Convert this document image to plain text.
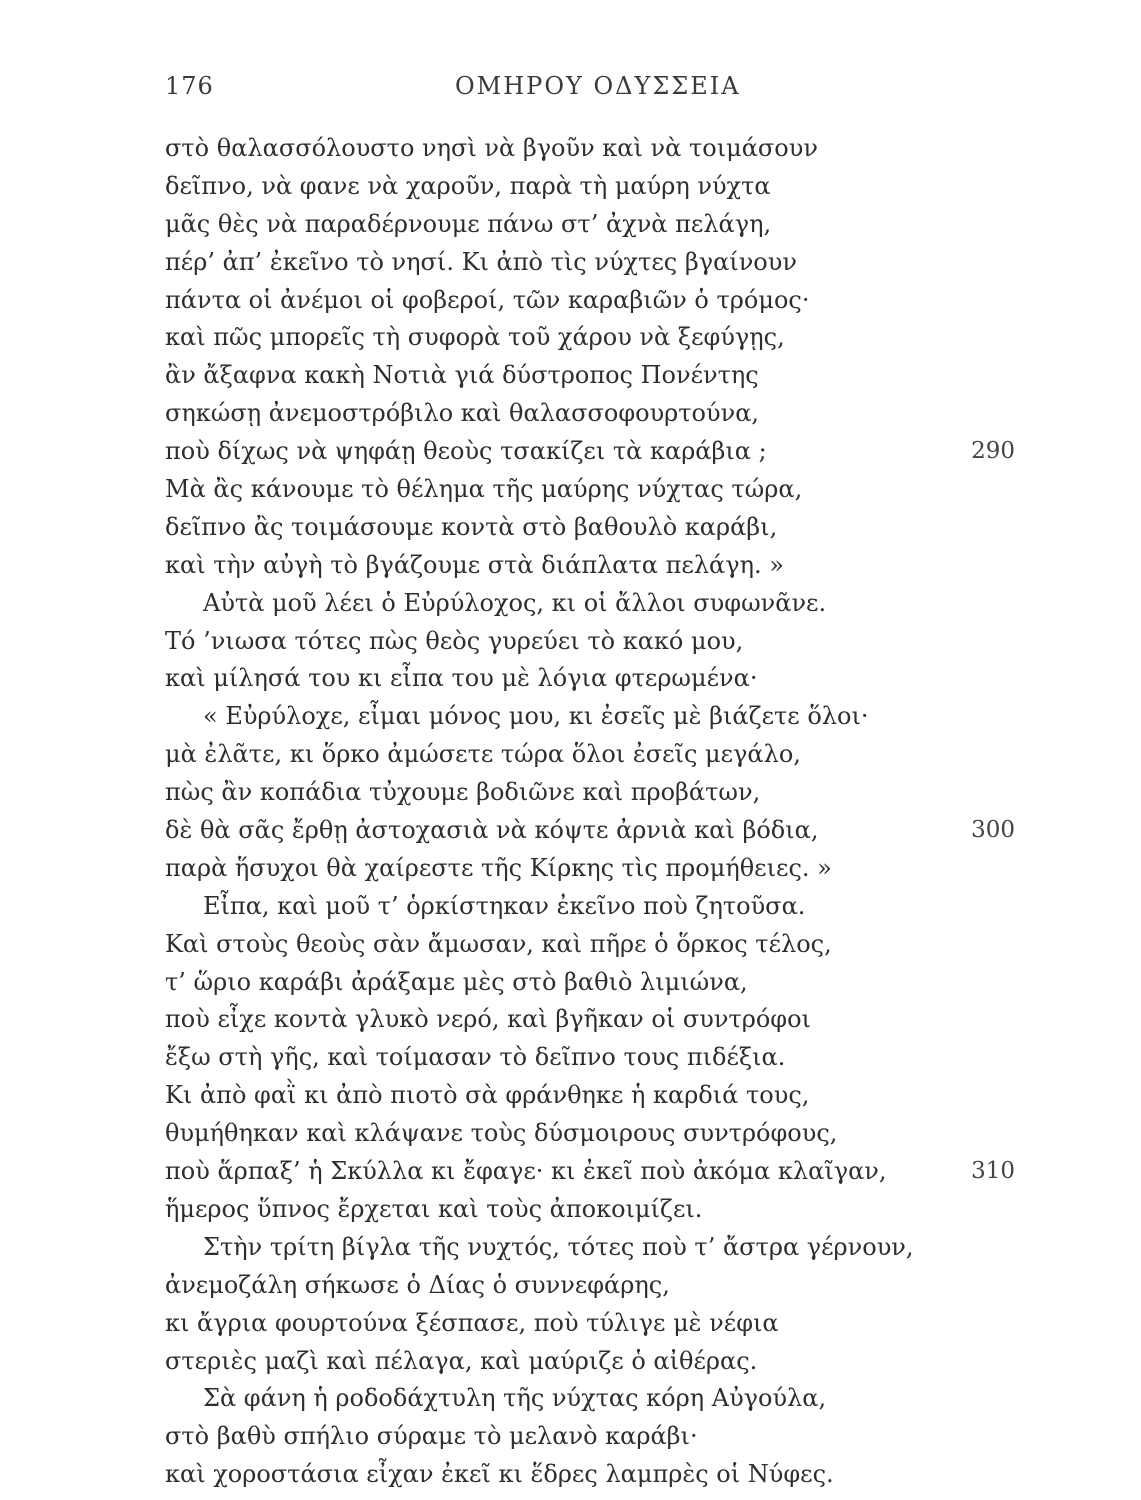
176	ΟΜΗΡΟΥ ΟΔΥΣΣΕΙΑ
στὸ θαλασσόλουστο νησὶ νὰ βγοῦν καὶ νὰ τοιμάσουν
δεῖπνο, νὰ φανε νὰ χαροῦν, παρὰ τὴ μαύρη νύχτα
μᾶς θὲς νὰ παραδέρνουμε πάνω στ’ ἀχνὰ πελάγη,
πέρ’ ἀπ’ ἐκεῖνο τὸ νησί. Κι ἀπὸ τὶς νύχτες βγαίνουν
πάντα οἱ ἀνέμοι οἱ φοβεροί, τῶν καραβιῶν ὁ τρόμος·
καὶ πῶς μπορεῖς τὴ συφορὰ τοῦ χάρου νὰ ξεφύγῃς,
ἂν ἄξαφνα κακὴ Νοτιὰ γιά δύστροπος Πονέντης
σηκώσῃ ἀνεμοστρόβιλο καὶ θαλασσοφουρτούνα,
ποὺ δίχως νὰ ψηφάῃ θεοὺς τσακίζει τὰ καράβια ;	290
Μὰ ἂς κάνουμε τὸ θέλημα τῆς μαύρης νύχτας τώρα,
δεῖπνο ἂς τοιμάσουμε κοντὰ στὸ βαθουλὸ καράβι,
καὶ τὴν αὐγὴ τὸ βγάζουμε στὰ διάπλατα πελάγη. »
Αὐτὰ μοῦ λέει ὁ Εὐρύλοχος, κι οἱ ἄλλοι συφωνᾶνε.
Τό ’νιωσα τότες πὼς θεὸς γυρεύει τὸ κακό μου,
καὶ μίλησά του κι εἶπα του μὲ λόγια φτερωμένα·
« Εὐρύλοχε, εἶμαι μόνος μου, κι ἐσεῖς μὲ βιάζετε ὅλοι·
μὰ ἐλᾶτε, κι ὅρκο ἀμώσετε τώρα ὅλοι ἐσεῖς μεγάλο,
πὼς ἂν κοπάδια τὐχουμε βοδιῶνε καὶ προβάτων,
δὲ θὰ σᾶς ἔρθῃ ἀστοχασιὰ νὰ κόψτε ἀρνιὰ καὶ βόδια,	300
παρὰ ἥσυχοι θὰ χαίρεστε τῆς Κίρκης τὶς προμήθειες. »
Εἶπα, καὶ μοῦ τ’ ὁρκίστηκαν ἐκεῖνο ποὺ ζητοῦσα.
Καὶ στοὺς θεοὺς σὰν ἄμωσαν, καὶ πῆρε ὁ ὅρκος τέλος,
τ’ ὥριο καράβι ἀράξαμε μὲς στὸ βαθιὸ λιμιώνα,
ποὺ εἶχε κοντὰ γλυκὸ νερό, καὶ βγῆκαν οἱ συντρόφοι
ἔξω στὴ γῆς, καὶ τοίμασαν τὸ δεῖπνο τους πιδέξια.
Κι ἀπὸ φαῒ κι ἀπὸ πιοτὸ σὰ φράνθηκε ἡ καρδιά τους,
θυμήθηκαν καὶ κλάψανε τοὺς δύσμοιρους συντρόφους,
ποὺ ἅρπαξ’ ἡ Σκύλλα κι ἔφαγε· κι ἐκεῖ ποὺ ἀκόμα κλαῖγαν,	310
ἥμερος ὕπνος ἔρχεται καὶ τοὺς ἀποκοιμίζει.
Στὴν τρίτη βίγλα τῆς νυχτός, τότες ποὺ τ’ ἄστρα γέρνουν,
ἀνεμοζάλη σήκωσε ὁ Δίας ὁ συννεφάρης,
κι ἄγρια φουρτούνα ξέσπασε, ποὺ τύλιγε μὲ νέφια
στεριὲς μαζὶ καὶ πέλαγα, καὶ μαύριζε ὁ αἰθέρας.
Σὰ φάνη ἡ ροδοδάχτυλη τῆς νύχτας κόρη Αὐγούλα,
στὸ βαθὺ σπήλιο σύραμε τὸ μελανὸ καράβι·
καὶ χοροστάσια εἶχαν ἐκεῖ κι ἕδρες λαμπρὲς οἱ Νύφες.
